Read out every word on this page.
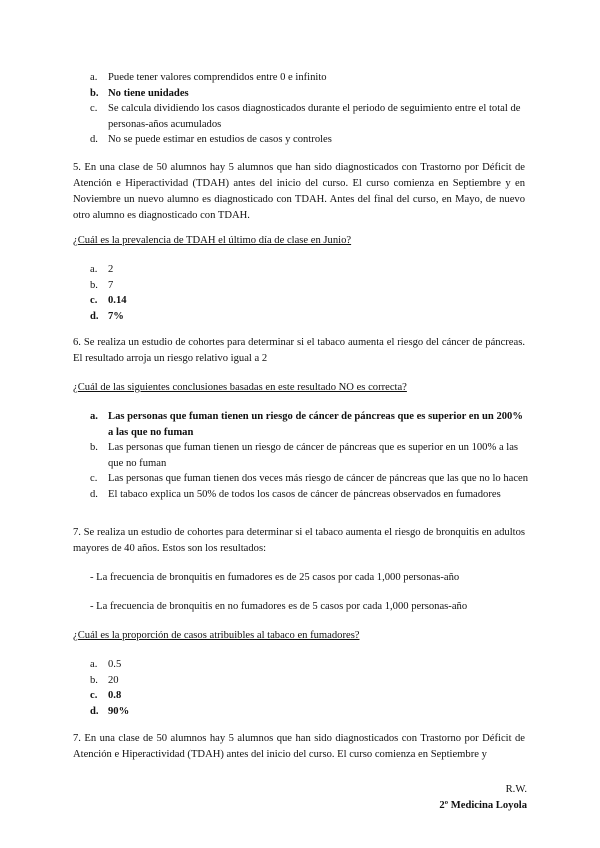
a. Puede tener valores comprendidos entre 0 e infinito
b. No tiene unidades
c. Se calcula dividiendo los casos diagnosticados durante el periodo de seguimiento entre el total de personas-años acumulados
d. No se puede estimar en estudios de casos y controles

5. En una clase de 50 alumnos hay 5 alumnos que han sido diagnosticados con Trastorno por Déficit de Atención e Hiperactividad (TDAH) antes del inicio del curso. El curso comienza en Septiembre y en Noviembre un nuevo alumno es diagnosticado con TDAH. Antes del final del curso, en Mayo, de nuevo otro alumno es diagnosticado con TDAH.

¿Cuál es la prevalencia de TDAH el último día de clase en Junio?

a. 2
b. 7
c. 0.14
d. 7%

6. Se realiza un estudio de cohortes para determinar si el tabaco aumenta el riesgo del cáncer de páncreas. El resultado arroja un riesgo relativo igual a 2

¿Cuál de las siguientes conclusiones basadas en este resultado NO es correcta?

a. Las personas que fuman tienen un riesgo de cáncer de páncreas que es superior en un 200% a las que no fuman
b. Las personas que fuman tienen un riesgo de cáncer de páncreas que es superior en un 100% a las que no fuman
c. Las personas que fuman tienen dos veces más riesgo de cáncer de páncreas que las que no lo hacen
d. El tabaco explica un 50% de todos los casos de cáncer de páncreas observados en fumadores

7. Se realiza un estudio de cohortes para determinar si el tabaco aumenta el riesgo de bronquitis en adultos mayores de 40 años. Estos son los resultados:

- La frecuencia de bronquitis en fumadores es de 25 casos por cada 1,000 personas-año

- La frecuencia de bronquitis en no fumadores es de 5 casos por cada 1,000 personas-año

¿Cuál es la proporción de casos atribuibles al tabaco en fumadores?

a. 0.5
b. 20
c. 0.8
d. 90%

7. En una clase de 50 alumnos hay 5 alumnos que han sido diagnosticados con Trastorno por Déficit de Atención e Hiperactividad (TDAH) antes del inicio del curso. El curso comienza en Septiembre y

R.W.
2º Medicina Loyola
